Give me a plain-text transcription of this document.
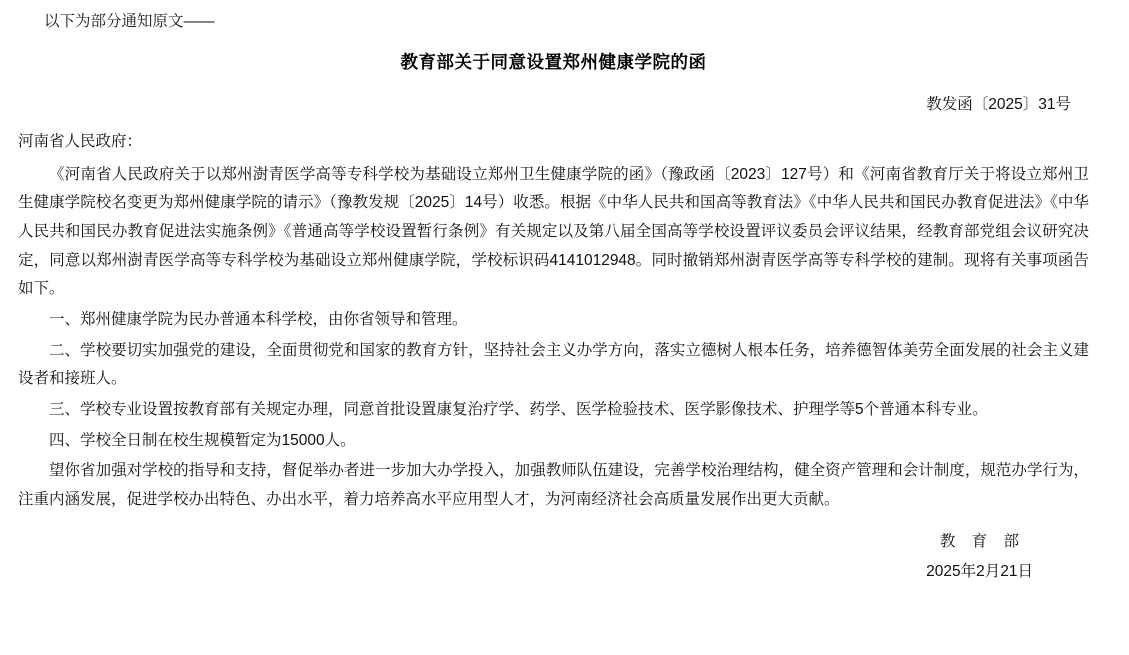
以下为部分通知原文——
教育部关于同意设置郑州健康学院的函
教发函〔2025〕31号
河南省人民政府：

《河南省人民政府关于以郑州澍青医学高等专科学校为基础设立郑州卫生健康学院的函》（豫政函〔2023〕127号）和《河南省教育厅关于将设立郑州卫生健康学院校名变更为郑州健康学院的请示》（豫教发规〔2025〕14号）收悉。根据《中华人民共和国高等教育法》《中华人民共和国民办教育促进法》《中华人民共和国民办教育促进法实施条例》《普通高等学校设置暂行条例》有关规定以及第八届全国高等学校设置评议委员会评议结果，经教育部党组会议研究决定，同意以郑州澍青医学高等专科学校为基础设立郑州健康学院，学校标识码4141012948。同时撤销郑州澍青医学高等专科学校的建制。现将有关事项函告如下。

一、郑州健康学院为民办普通本科学校，由你省领导和管理。

二、学校要切实加强党的建设，全面贯彻党和国家的教育方针，坚持社会主义办学方向，落实立德树人根本任务，培养德智体美劳全面发展的社会主义建设者和接班人。

三、学校专业设置按教育部有关规定办理，同意首批设置康复治疗学、药学、医学检验技术、医学影像技术、护理学等5个普通本科专业。

四、学校全日制在校生规模暂定为15000人。

望你省加强对学校的指导和支持，督促举办者进一步加大办学投入，加强教师队伍建设，完善学校治理结构，健全资产管理和会计制度，规范办学行为，注重内涵发展，促进学校办出特色、办出水平，着力培养高水平应用型人才，为河南经济社会高质量发展作出更大贡献。

教 育 部
2025年2月21日
